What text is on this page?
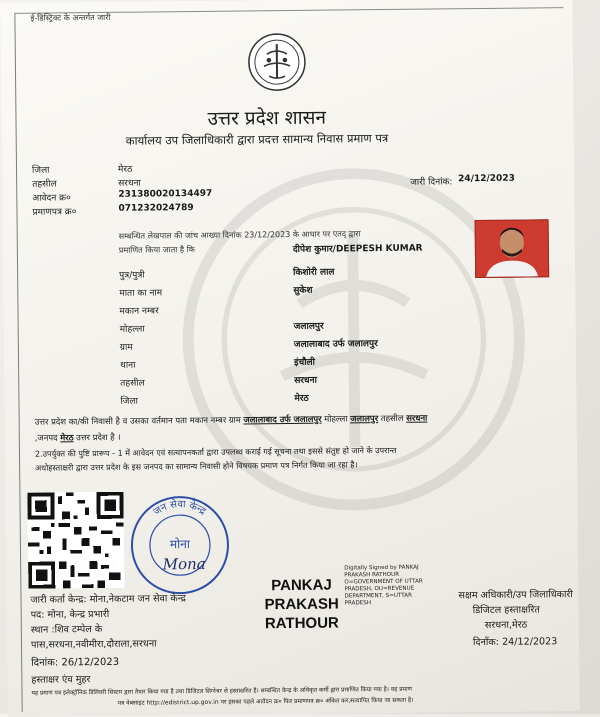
ई-डिस्ट्रिक्ट के अन्तर्गत जारी
उत्तर प्रदेश शासन
कार्यालय उप जिलाधिकारी द्वारा प्रदत्त सामान्य निवास प्रमाण पत्र
जिला	मेरठ
तहसील	सरधना
आवेदन क्र०	231380020134497
प्रमाणपत्र क्र०	071232024789
जारी दिनांक: 24/12/2023
सम्बन्धित लेखपाल की जांच आख्या दिनांक 23/12/2023 के आधार पर एतद् द्वारा
प्रमाणित किया जाता है कि	दीपेश कुमार/DEEPESH KUMAR
पुत्र/पुत्री	किशोरी लाल
माता का नाम	सुकेश
मकान नम्बर
मोहल्ला	जलालपुर
ग्राम	जलालाबाद उर्फ जलालपुर
थाना	इंचौली
तहसील	सरधना
जिला	मेरठ
उत्तर प्रदेश का/की निवासी है व उसका वर्तमान पता मकान नम्बर ग्राम जलालाबाद उर्फ जलालपुर मोहल्ला जलालपुर तहसील सरधना
,जनपद मेरठ उत्तर प्रदेश है ।
2.उपर्युक्त की पुष्टि प्रारूप - 1 में आवेदन एवं सत्यापनकर्ता द्वारा उपलब्ध कराई गई सूचना तथा इससे संतुष्ट हो जाने के उपरान्त
अधोहस्ताक्षरी द्वारा उत्तर प्रदेश के इस जनपद का सामान्य निवासी होने विषयक प्रमाण पत्र निर्गत किया जा रहा है।
जन सेवा केन्द्र
मोना
Mona
जारी कर्ता केन्द्र: मोना,नेकटाम जन सेवा केन्द्र
पद: मोना, केन्द्र प्रभारी
स्थान :शिव टम्पेल के
पास,सरधना,नवीमीरा,दौराला,सरधना
दिनांक: 26/12/2023
हस्ताक्षर एंव मुहर
PANKAJ
PRAKASH
RATHOUR
Digitally Signed by PANKAJ
PRAKASH RATHOUR
O=GOVERNMENT OF UTTAR
PRADESH, OU=REVENUE
DEPARTMENT, S=UTTAR
PRADESH
सक्षम अधिकारी/उप जिलाधिकारी
डिजिटल हस्ताक्षरित
सरधना,मेरठ
दिनाँक: 24/12/2023
यह प्रमाण पत्र इलेक्ट्रॉनिक डिलिवरी सिस्टम द्वारा तैयार किया गया है तथा डिजिटल सिग्नेचर से हस्ताक्षरित है। सम्बन्धित केन्द्र के अधिकृत कर्मी द्वारा प्रमाणित किया गया है। यह प्रमाण
पत्र वेबसाइट http://edistrict.up.gov.in पर इसका पहले आवेदन क्र० फिर प्रमाणपत्र क्र० अंकित कर,सत्यापित किया जा सकता है।
